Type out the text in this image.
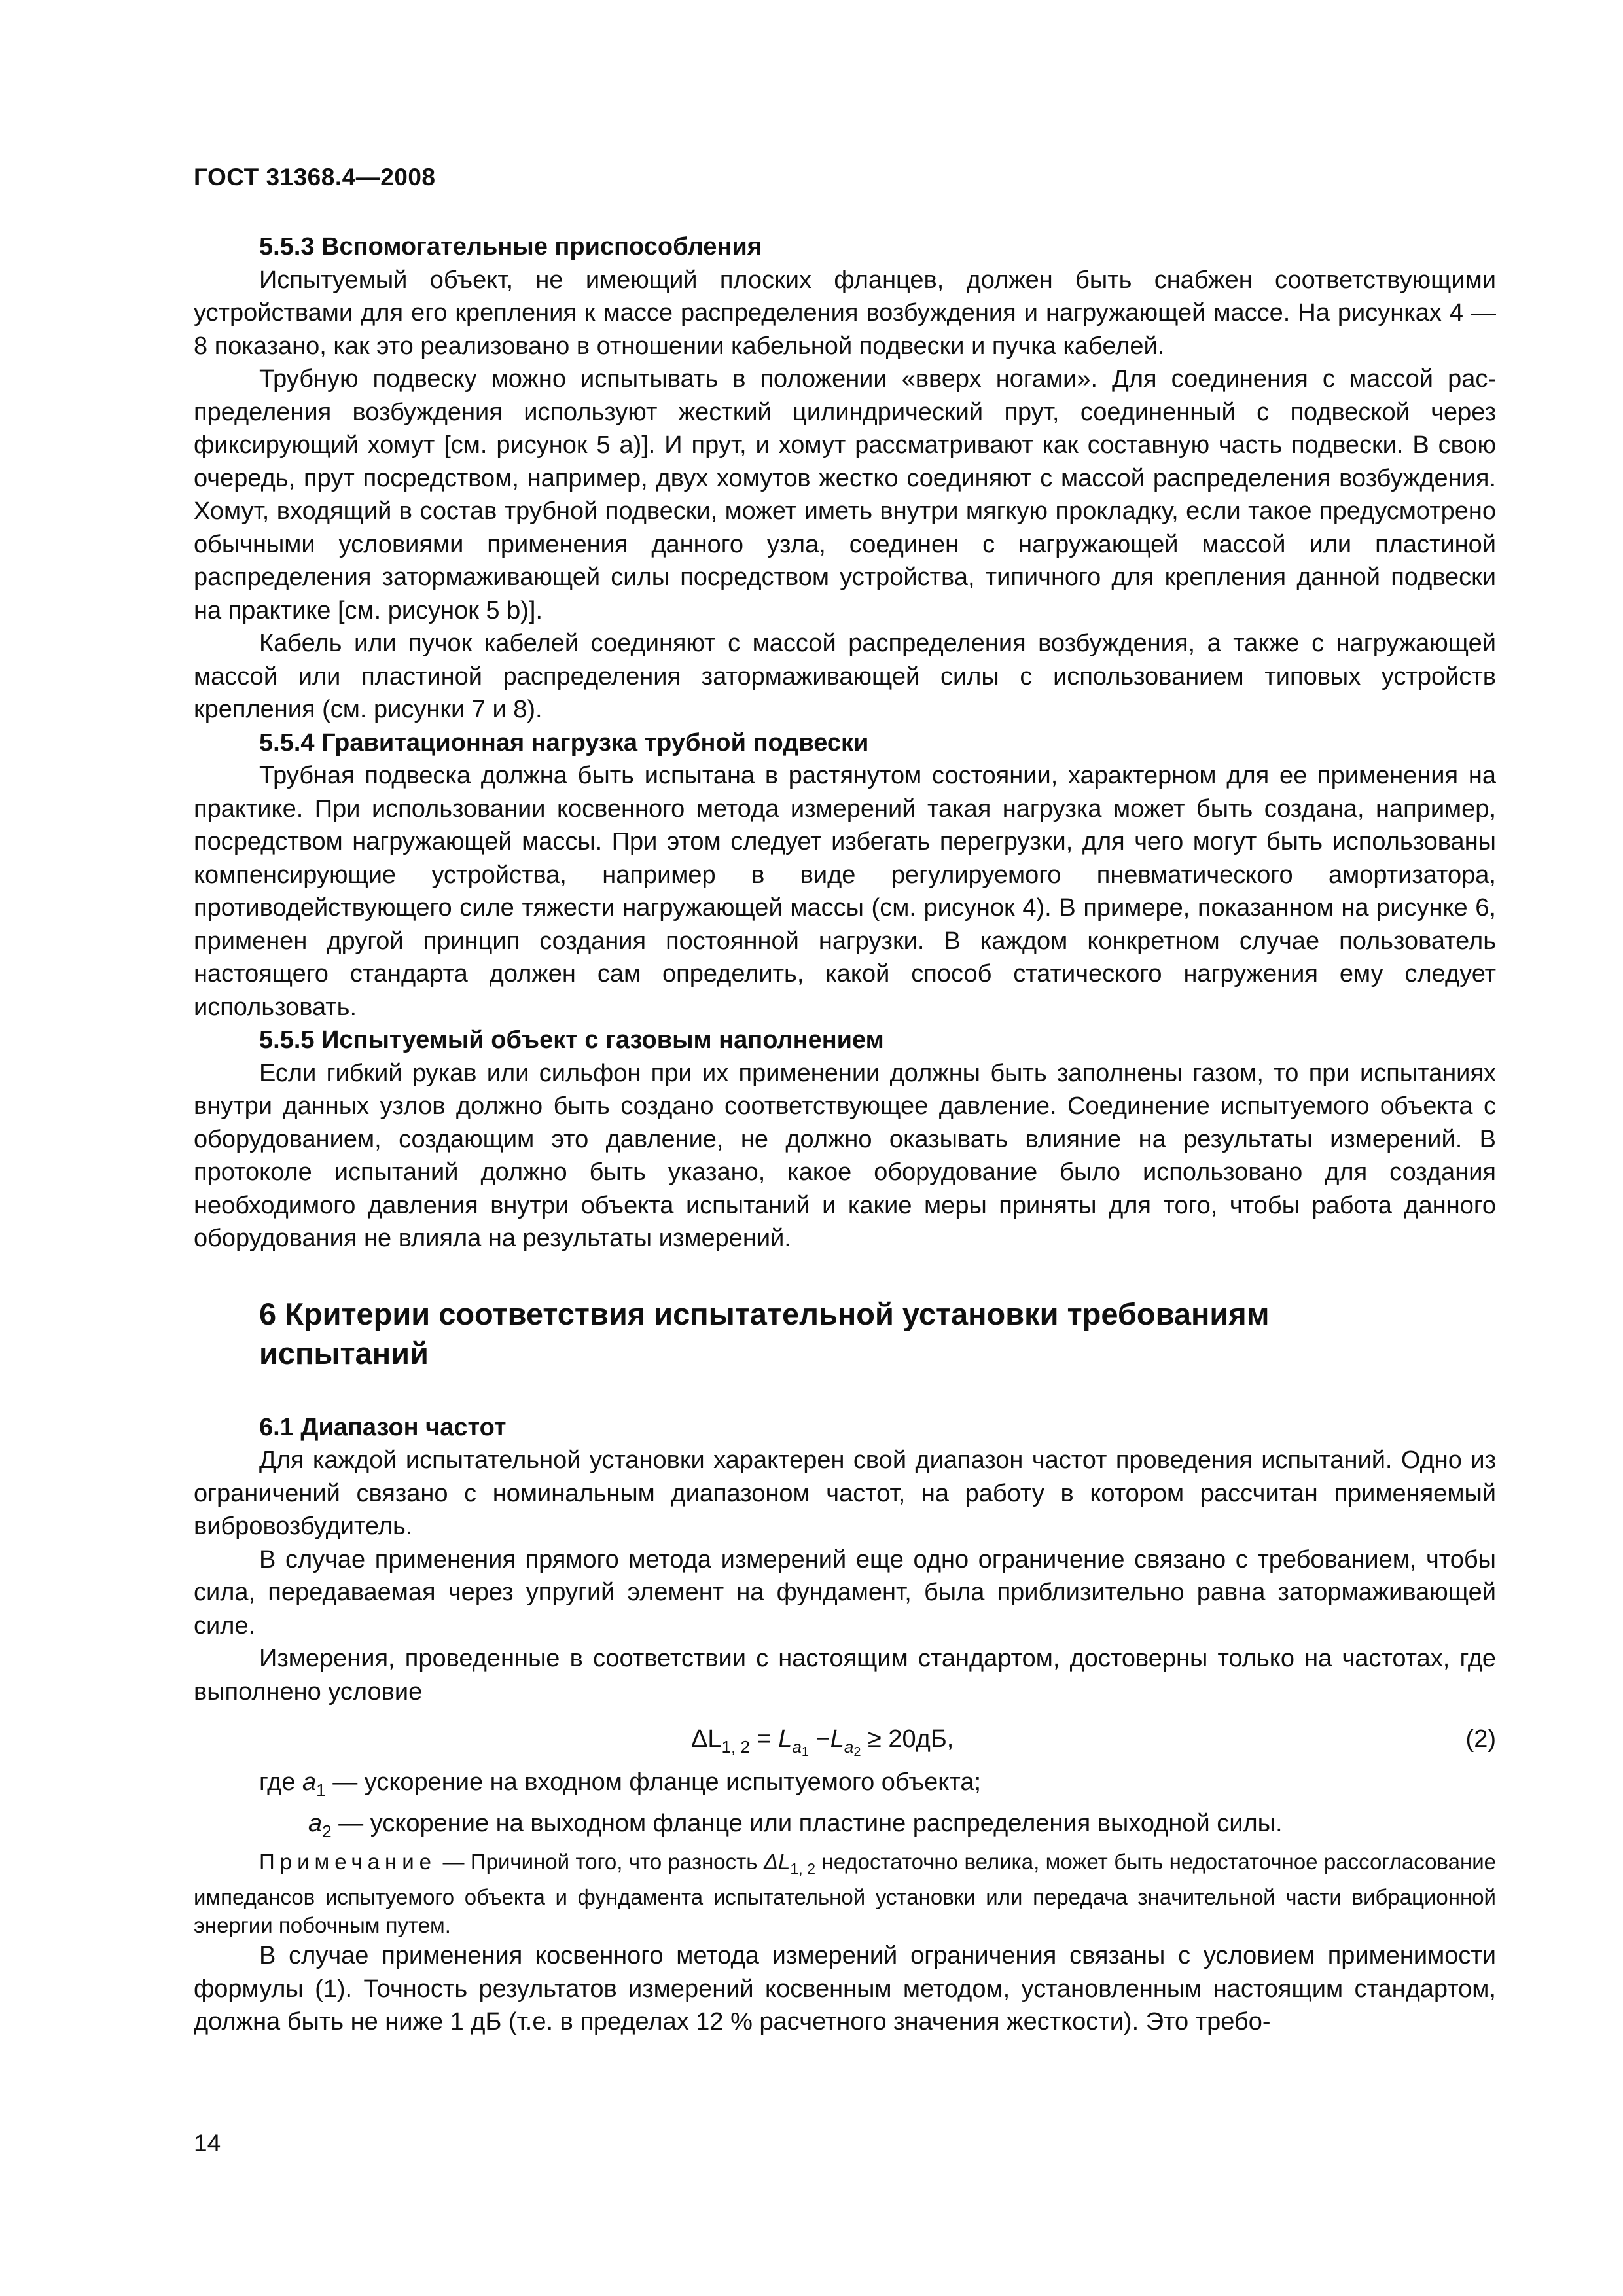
ГОСТ 31368.4—2008
5.5.3 Вспомогательные приспособления

Испытуемый объект, не имеющий плоских фланцев, должен быть снабжен соответствующими устройствами для его крепления к массе распределения возбуждения и нагружающей массе. На рисунках 4 — 8 показано, как это реализовано в отношении кабельной подвески и пучка кабелей.

Трубную подвеску можно испытывать в положении «вверх ногами». Для соединения с массой распределения возбуждения используют жесткий цилиндрический прут, соединенный с подвеской через фиксирующий хомут [см. рисунок 5 а)]. И прут, и хомут рассматривают как составную часть подвески. В свою очередь, прут посредством, например, двух хомутов жестко соединяют с массой распределения возбуждения. Хомут, входящий в состав трубной подвески, может иметь внутри мягкую прокладку, если такое предусмотрено обычными условиями применения данного узла, соединен с нагружающей массой или пластиной распределения затормаживающей силы посредством устройства, типичного для крепления данной подвески на практике [см. рисунок 5 b)].

Кабель или пучок кабелей соединяют с массой распределения возбуждения, а также с нагружающей массой или пластиной распределения затормаживающей силы с использованием типовых устройств крепления (см. рисунки 7 и 8).

5.5.4 Гравитационная нагрузка трубной подвески

Трубная подвеска должна быть испытана в растянутом состоянии, характерном для ее применения на практике. При использовании косвенного метода измерений такая нагрузка может быть создана, например, посредством нагружающей массы. При этом следует избегать перегрузки, для чего могут быть использованы компенсирующие устройства, например в виде регулируемого пневматического амортизатора, противодействующего силе тяжести нагружающей массы (см. рисунок 4). В примере, показанном на рисунке 6, применен другой принцип создания постоянной нагрузки. В каждом конкретном случае пользователь настоящего стандарта должен сам определить, какой способ статического нагружения ему следует использовать.

5.5.5 Испытуемый объект с газовым наполнением

Если гибкий рукав или сильфон при их применении должны быть заполнены газом, то при испытаниях внутри данных узлов должно быть создано соответствующее давление. Соединение испытуемого объекта с оборудованием, создающим это давление, не должно оказывать влияние на результаты измерений. В протоколе испытаний должно быть указано, какое оборудование было использовано для создания необходимого давления внутри объекта испытаний и какие меры приняты для того, чтобы работа данного оборудования не влияла на результаты измерений.

6 Критерии соответствия испытательной установки требованиям
испытаний
6.1 Диапазон частот

Для каждой испытательной установки характерен свой диапазон частот проведения испытаний. Одно из ограничений связано с номинальным диапазоном частот, на работу в котором рассчитан применяемый вибровозбудитель.

В случае применения прямого метода измерений еще одно ограничение связано с требованием, чтобы сила, передаваемая через упругий элемент на фундамент, была приблизительно равна затормaживающей силе.

Измерения, проведенные в соответствии с настоящим стандартом, достоверны только на частотах, где выполнено условие

$\Delta L_{1, 2} = L_{a_1} -L_{a_2} \ge 20дБ$,	(2)

где $a_1$ — ускорение на входном фланце испытуемого объекта;

$a_2$ — ускорение на выходном фланце или пластине распределения выходной силы.

Примечание — Причиной того, что разность $\Delta L_{1, 2}$ недостаточно велика, может быть недостаточное рассогласование импедансов испытуемого объекта и фундамента испытательной установки или передача значительной части вибрационной энергии побочным путем.

В случае применения косвенного метода измерений ограничения связаны с условием применимости формулы (1). Точность результатов измерений косвенным методом, установленным настоящим стандартом, должна быть не ниже 1 дБ (т.е. в пределах 12 % расчетного значения жесткости). Это требо-

14
